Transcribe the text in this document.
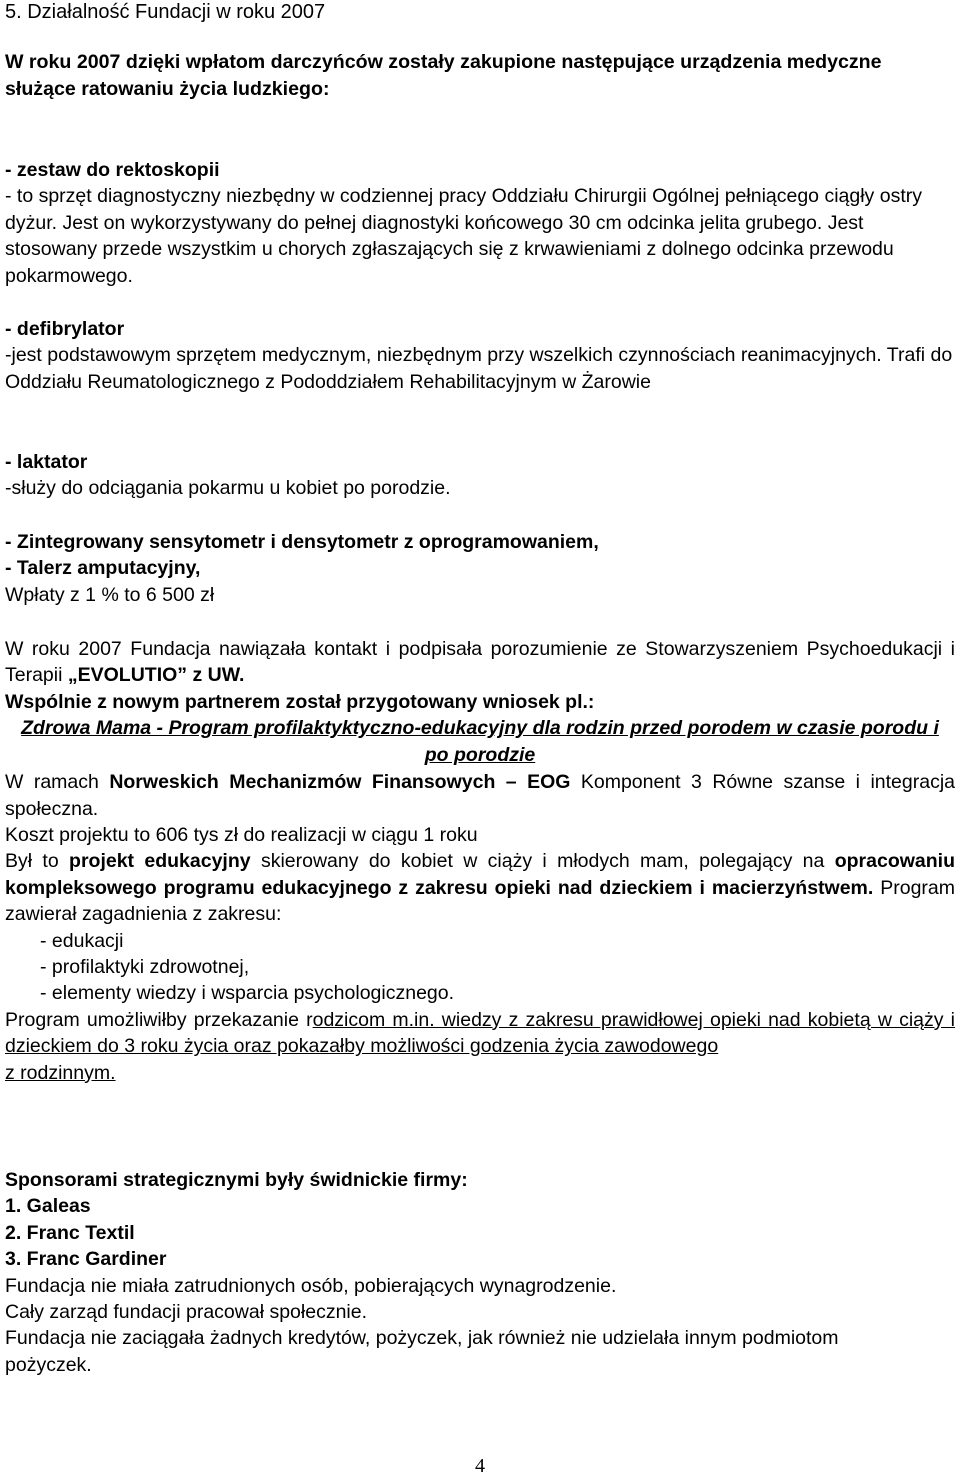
5. Działalność Fundacji w roku 2007

W roku 2007 dzięki wpłatom darczyńców zostały zakupione następujące urządzenia medyczne służące ratowaniu życia ludzkiego:

- zestaw do rektoskopii

- to sprzęt diagnostyczny niezbędny w codziennej pracy Oddziału Chirurgii Ogólnej pełniącego ciągły ostry dyżur. Jest on wykorzystywany do pełnej diagnostyki końcowego 30 cm odcinka jelita grubego. Jest stosowany przede wszystkim u chorych zgłaszających się z krwawieniami z dolnego odcinka przewodu pokarmowego.

- defibrylator

-jest podstawowym sprzętem medycznym, niezbędnym przy wszelkich czynnościach reanimacyjnych. Trafi do Oddziału Reumatologicznego z Pododdziałem Rehabilitacyjnym w Żarowie

- laktator

-służy do odciągania pokarmu u kobiet po porodzie.

- Zintegrowany sensytometr i densytometr z oprogramowaniem,

- Talerz amputacyjny,

Wpłaty z 1 % to 6 500 zł

W roku 2007 Fundacja nawiązała kontakt i podpisała porozumienie ze Stowarzyszeniem Psychoedukacji i Terapii „EVOLUTIO” z UW.

Wspólnie z nowym partnerem został przygotowany wniosek pl.:

Zdrowa Mama - Program profilaktyktyczno-edukacyjny dla rodzin przed porodem w czasie porodu i po porodzie

W ramach Norweskich Mechanizmów Finansowych – EOG Komponent 3 Równe szanse i integracja społeczna.

Koszt projektu to 606 tys zł do realizacji w ciągu 1 roku

Był to projekt edukacyjny skierowany do kobiet w ciąży i młodych mam, polegający na opracowaniu kompleksowego programu edukacyjnego z zakresu opieki nad dzieckiem i macierzyństwem. Program zawierał zagadnienia z zakresu:

- edukacji

- profilaktyki zdrowotnej,

- elementy wiedzy i wsparcia psychologicznego.

Program umożliwiłby przekazanie rodzicom m.in. wiedzy z zakresu prawidłowej opieki nad kobietą w ciąży i dzieckiem do 3 roku życia oraz pokazałby możliwości godzenia życia zawodowego

z rodzinnym.

Sponsorami strategicznymi były świdnickie firmy:

1. Galeas

2. Franc Textil

3. Franc Gardiner

Fundacja nie miała zatrudnionych osób, pobierających wynagrodzenie.

Cały zarząd fundacji pracował społecznie.

Fundacja nie zaciągała żadnych kredytów, pożyczek, jak również nie udzielała innym podmiotom pożyczek.

4
